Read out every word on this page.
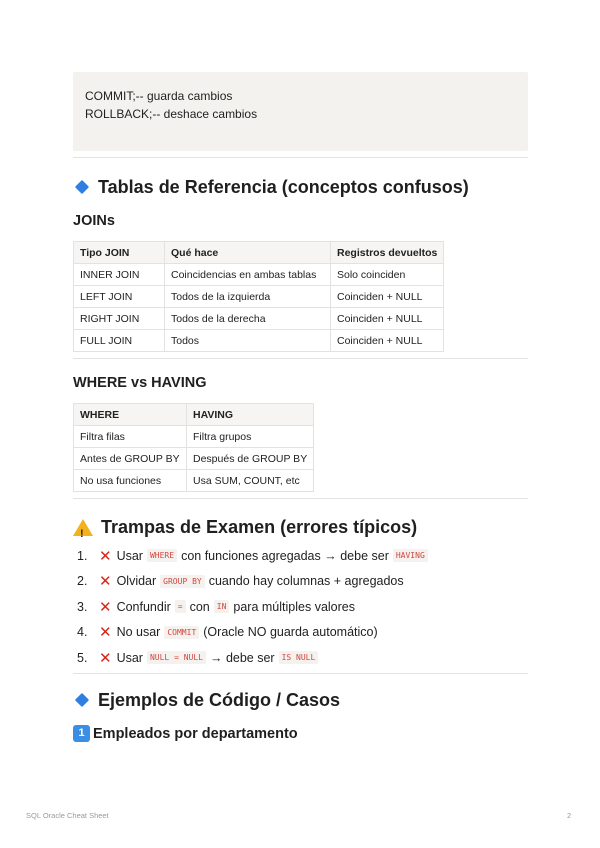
COMMIT;-- guarda cambios
ROLLBACK;-- deshace cambios
Tablas de Referencia (conceptos confusos)
JOINs
Tipo JOIN	Qué hace	Registros devueltos
INNER JOIN	Coincidencias en ambas tablas	Solo coinciden
LEFT JOIN	Todos de la izquierda	Coinciden + NULL
RIGHT JOIN	Todos de la derecha	Coinciden + NULL
FULL JOIN	Todos	Coinciden + NULL
WHERE vs HAVING
WHERE	HAVING
Filtra filas	Filtra grupos
Antes de GROUP BY	Después de GROUP BY
No usa funciones	Usa SUM, COUNT, etc
!
Trampas de Examen (errores típicos)
1. ✕ Usar WHERE con funciones agregadas → debe ser HAVING
2. ✕ Olvidar GROUP BY cuando hay columnas + agregados
3. ✕ Confundir = con IN para múltiples valores
4. ✕ No usar COMMIT (Oracle NO guarda automático)
5. ✕ Usar NULL = NULL → debe ser IS NULL
Ejemplos de Código / Casos
1 Empleados por departamento
SQL Oracle Cheat Sheet	2
